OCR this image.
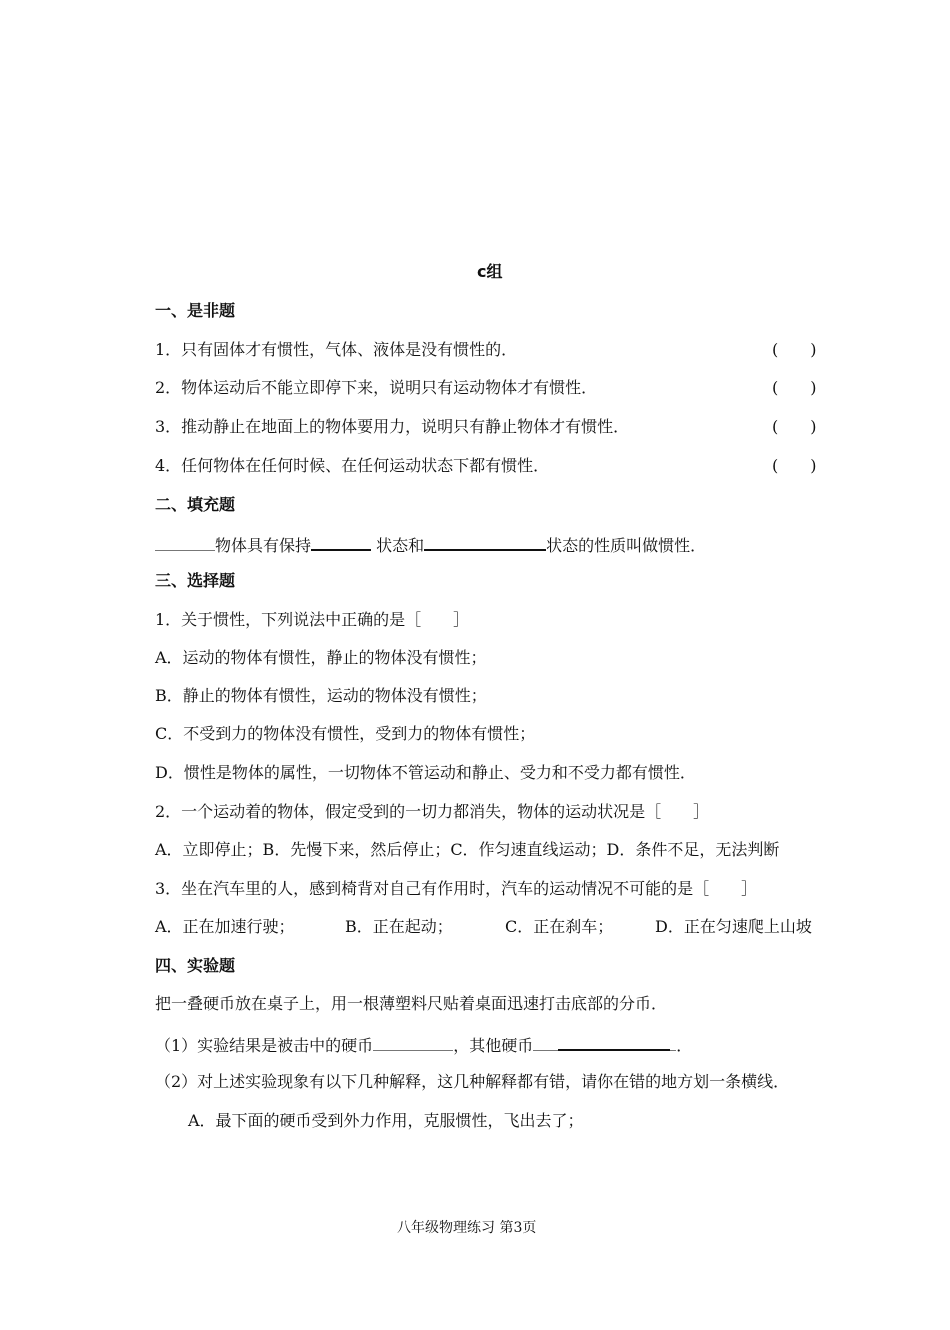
c组
一、是非题
1．只有固体才有惯性，气体、液体是没有惯性的．	(　　)
2．物体运动后不能立即停下来，说明只有运动物体才有惯性．	(　　)
3．推动静止在地面上的物体要用力，说明只有静止物体才有惯性．	(　　)
4．任何物体在任何时候、在任何运动状态下都有惯性．	(　　)
二、填充题
物体具有保持	状态和	状态的性质叫做惯性．
三、选择题
1．关于惯性，下列说法中正确的是［　　］
A．运动的物体有惯性，静止的物体没有惯性；
B．静止的物体有惯性，运动的物体没有惯性；
C．不受到力的物体没有惯性，受到力的物体有惯性；
D．惯性是物体的属性，一切物体不管运动和静止、受力和不受力都有惯性．
2．一个运动着的物体，假定受到的一切力都消失，物体的运动状况是［　　］
A．立即停止；B．先慢下来，然后停止；C．作匀速直线运动；D．条件不足，无法判断
3．坐在汽车里的人，感到椅背对自己有作用时，汽车的运动情况不可能的是［　　］
A．正在加速行驶；	B．正在起动；	C．正在刹车；	D．正在匀速爬上山坡
四、实验题
把一叠硬币放在桌子上，用一根薄塑料尺贴着桌面迅速打击底部的分币．
（1）实验结果是被击中的硬币	，其他硬币	．
（2）对上述实验现象有以下几种解释，这几种解释都有错，请你在错的地方划一条横线．
A．最下面的硬币受到外力作用，克服惯性，飞出去了；
八年级物理练习 第3页
